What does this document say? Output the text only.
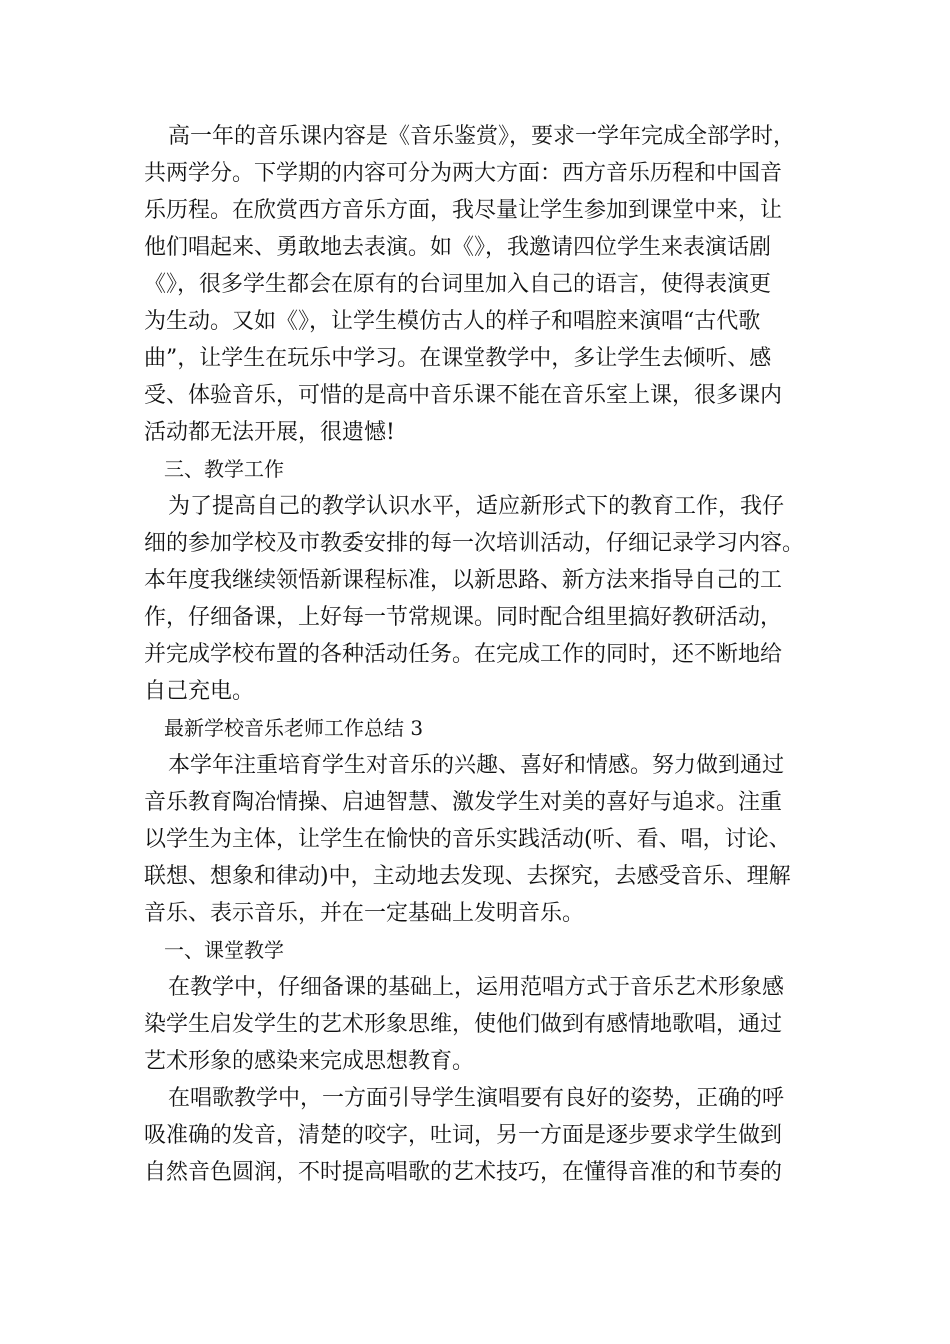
高一年的音乐课内容是《音乐鉴赏》，要求一学年完成全部学时，
共两学分。下学期的内容可分为两大方面：西方音乐历程和中国音
乐历程。在欣赏西方音乐方面，我尽量让学生参加到课堂中来，让
他们唱起来、勇敢地去表演。如《》，我邀请四位学生来表演话剧
《》，很多学生都会在原有的台词里加入自己的语言，使得表演更
为生动。又如《》，让学生模仿古人的样子和唱腔来演唱“古代歌
曲”，让学生在玩乐中学习。在课堂教学中，多让学生去倾听、感
受、体验音乐，可惜的是高中音乐课不能在音乐室上课，很多课内
活动都无法开展，很遗憾!
三、教学工作
为了提高自己的教学认识水平，适应新形式下的教育工作，我仔
细的参加学校及市教委安排的每一次培训活动，仔细记录学习内容。
本年度我继续领悟新课程标准，以新思路、新方法来指导自己的工
作，仔细备课，上好每一节常规课。同时配合组里搞好教研活动，
并完成学校布置的各种活动任务。在完成工作的同时，还不断地给
自己充电。
最新学校音乐老师工作总结 3
本学年注重培育学生对音乐的兴趣、喜好和情感。努力做到通过
音乐教育陶冶情操、启迪智慧、激发学生对美的喜好与追求。注重
以学生为主体，让学生在愉快的音乐实践活动(听、看、唱，讨论、
联想、想象和律动)中，主动地去发现、去探究，去感受音乐、理解
音乐、表示音乐，并在一定基础上发明音乐。
一、课堂教学
在教学中，仔细备课的基础上，运用范唱方式于音乐艺术形象感
染学生启发学生的艺术形象思维，使他们做到有感情地歌唱，通过
艺术形象的感染来完成思想教育。
在唱歌教学中，一方面引导学生演唱要有良好的姿势，正确的呼
吸准确的发音，清楚的咬字，吐词，另一方面是逐步要求学生做到
自然音色圆润，不时提高唱歌的艺术技巧，在懂得音准的和节奏的
